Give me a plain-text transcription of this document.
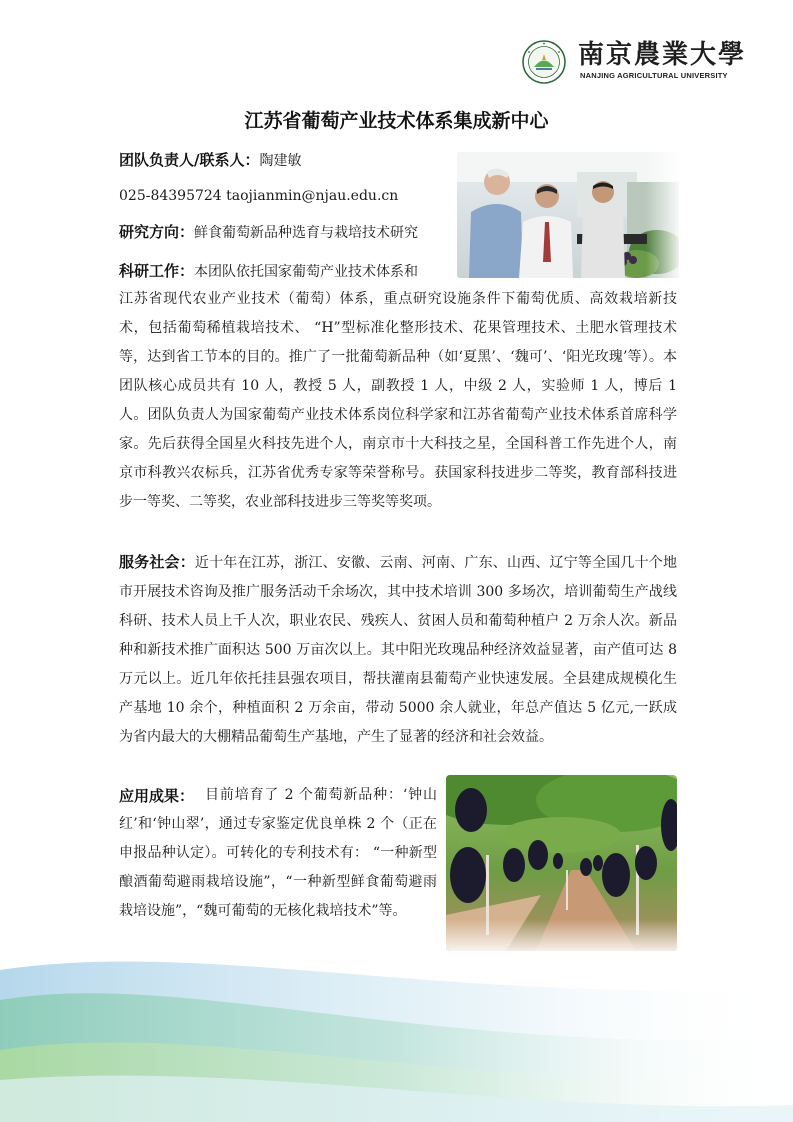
南京農業大學
NANJING AGRICULTURAL UNIVERSITY
江苏省葡萄产业技术体系集成新中心
团队负责人/联系人：陶建敏
025-84395724 taojianmin@njau.edu.cn
研究方向：鲜食葡萄新品种选育与栽培技术研究
科研工作：本团队依托国家葡萄产业技术体系和
江苏省现代农业产业技术（葡萄）体系，重点研究设施条件下葡萄优质、高效栽培新技术，包括葡萄稀植栽培技术、 “H”型标准化整形技术、花果管理技术、土肥水管理技术等，达到省工节本的目的。推广了一批葡萄新品种（如‘夏黑’、‘魏可’、‘阳光玫瑰’等）。本团队核心成员共有 10 人，教授 5 人，副教授 1 人，中级 2 人，实验师 1 人，博后 1 人。团队负责人为国家葡萄产业技术体系岗位科学家和江苏省葡萄产业技术体系首席科学家。先后获得全国星火科技先进个人，南京市十大科技之星，全国科普工作先进个人，南京市科教兴农标兵，江苏省优秀专家等荣誉称号。获国家科技进步二等奖，教育部科技进步一等奖、二等奖，农业部科技进步三等奖等奖项。
服务社会：近十年在江苏，浙江、安徽、云南、河南、广东、山西、辽宁等全国几十个地市开展技术咨询及推广服务活动千余场次，其中技术培训 300 多场次，培训葡萄生产战线科研、技术人员上千人次，职业农民、残疾人、贫困人员和葡萄种植户 2 万余人次。新品种和新技术推广面积达 500 万亩次以上。其中阳光玫瑰品种经济效益显著，亩产值可达 8 万元以上。近几年依托挂县强农项目，帮扶灌南县葡萄产业快速发展。全县建成规模化生产基地 10 余个，种植面积 2 万余亩，带动 5000 余人就业，年总产值达 5 亿元,一跃成为省内最大的大棚精品葡萄生产基地，产生了显著的经济和社会效益。
应用成果： 目前培育了 2 个葡萄新品种：‘钟山红’和‘钟山翠’，通过专家鉴定优良单株 2 个（正在申报品种认定）。可转化的专利技术有： “一种新型酿酒葡萄避雨栽培设施”，“一种新型鲜食葡萄避雨栽培设施”，“魏可葡萄的无核化栽培技术”等。
